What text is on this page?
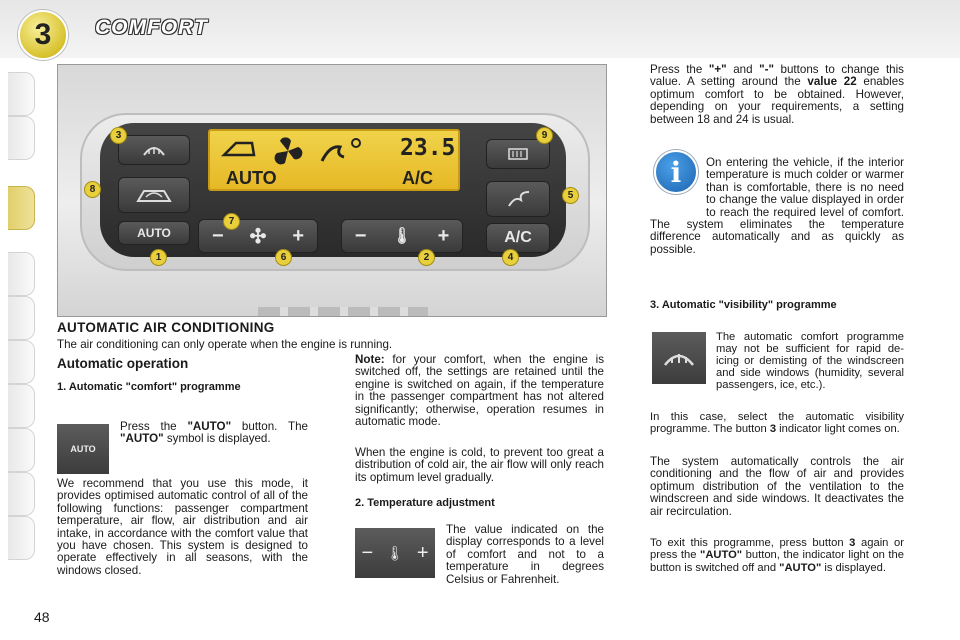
3 COMFORT
AUTO
23.5
A/C
AUTO	− ✣ +	− 🌡 +	A/C
3
8
1
7
6	2	4
5
9
AUTOMATIC AIR CONDITIONING
The air conditioning can only operate when the engine is running.
Automatic operation
1. Automatic "comfort" programme
AUTO
Press the "AUTO" button. The "AUTO" symbol is displayed.
We recommend that you use this mode, it provides optimised automatic control of all of the following functions: passenger compartment temperature, air flow, air distribution and air intake, in accordance with the comfort value that you have chosen. This system is designed to operate effectively in all seasons, with the windows closed.
Note: for your comfort, when the engine is switched off, the settings are retained until the engine is switched on again, if the temperature in the passenger compartment has not altered significantly; otherwise, operation resumes in automatic mode.
When the engine is cold, to prevent too great a distribution of cold air, the air flow will only reach its optimum level gradually.
2. Temperature adjustment
− 🌡 +
The value indicated on the display corresponds to a level of comfort and not to a temperature in degrees Celsius or Fahrenheit.
Press the "+" and "-" buttons to change this value. A setting around the value 22 enables optimum comfort to be obtained. However, depending on your requirements, a setting between 18 and 24 is usual.
i	On entering the vehicle, if the interior temperature is much colder or warmer than is comfortable, there is no need to change the value displayed in order to reach the required level of comfort. The system eliminates the temperature difference automatically and as quickly as possible.
3. Automatic "visibility" programme
The automatic comfort programme may not be sufficient for rapid de-icing or demisting of the windscreen and side windows (humidity, several passengers, ice, etc.).
In this case, select the automatic visibility programme. The button 3 indicator light comes on.
The system automatically controls the air conditioning and the flow of air and provides optimum distribution of the ventilation to the windscreen and side windows. It deactivates the air recirculation.
To exit this programme, press button 3 again or press the "AUTO" button, the indicator light on the button is switched off and "AUTO" is displayed.
48
